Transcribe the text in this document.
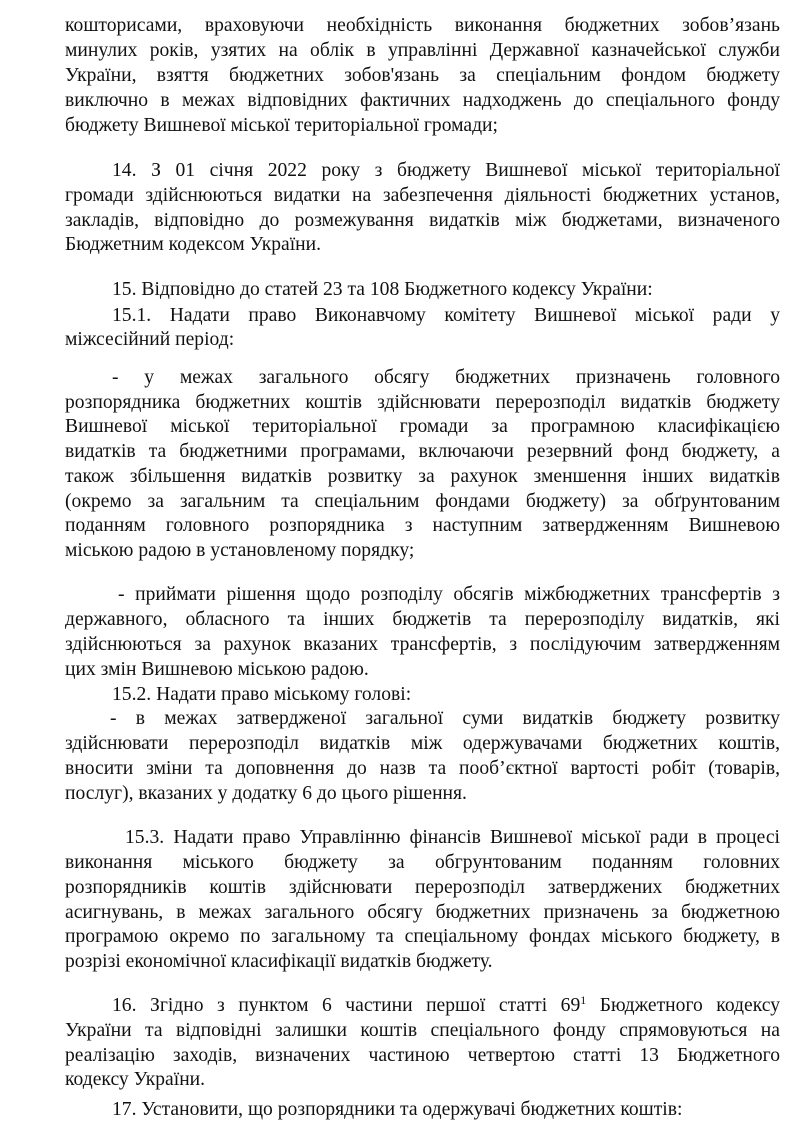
кошторисами, враховуючи необхідність виконання бюджетних зобов’язань
минулих років, узятих на облік в управлінні Державної казначейської служби
України, взяття бюджетних зобов'язань за спеціальним фондом бюджету
виключно в межах відповідних фактичних надходжень до спеціального фонду
бюджету Вишневої міської територіальної громади;
14. З 01 січня 2022 року з бюджету Вишневої міської територіальної
громади здійснюються видатки на забезпечення діяльності бюджетних установ,
закладів, відповідно до розмежування видатків між бюджетами, визначеного
Бюджетним кодексом України.
15. Відповідно до статей 23 та 108 Бюджетного кодексу України:
15.1. Надати право Виконавчому комітету Вишневої міської ради у
міжсесійний період:
- у межах загального обсягу бюджетних призначень головного
розпорядника бюджетних коштів здійснювати перерозподіл видатків бюджету
Вишневої міської територіальної громади за програмною класифікацією
видатків та бюджетними програмами, включаючи резервний фонд бюджету, а
також збільшення видатків розвитку за рахунок зменшення інших видатків
(окремо за загальним та спеціальним фондами бюджету) за обґрунтованим
поданням головного розпорядника з наступним затвердженням Вишневою
міською радою в установленому порядку;
- приймати рішення щодо розподілу обсягів міжбюджетних трансфертів з
державного, обласного та інших бюджетів та перерозподілу видатків, які
здійснюються за рахунок вказаних трансфертів, з послідуючим затвердженням
цих змін Вишневою міською радою.
15.2. Надати право міському голові:
- в межах затвердженої загальної суми видатків бюджету розвитку
здійснювати перерозподіл видатків між одержувачами бюджетних коштів,
вносити зміни та доповнення до назв та пооб’єктної вартості робіт (товарів,
послуг), вказаних у додатку 6 до цього рішення.
15.3. Надати право Управлінню фінансів Вишневої міської ради в процесі
виконання міського бюджету за обгрунтованим поданням головних
розпорядників коштів здійснювати перерозподіл затверджених бюджетних
асигнувань, в межах загального обсягу бюджетних призначень за бюджетною
програмою окремо по загальному та спеціальному фондах міського бюджету, в
розрізі економічної класифікації видатків бюджету.
16. Згідно з пунктом 6 частини першої статті $69^1$ Бюджетного кодексу
України та відповідні залишки коштів спеціального фонду спрямовуються на
реалізацію заходів, визначених частиною четвертою статті 13 Бюджетного
кодексу України.
17. Установити, що розпорядники та одержувачі бюджетних коштів:
